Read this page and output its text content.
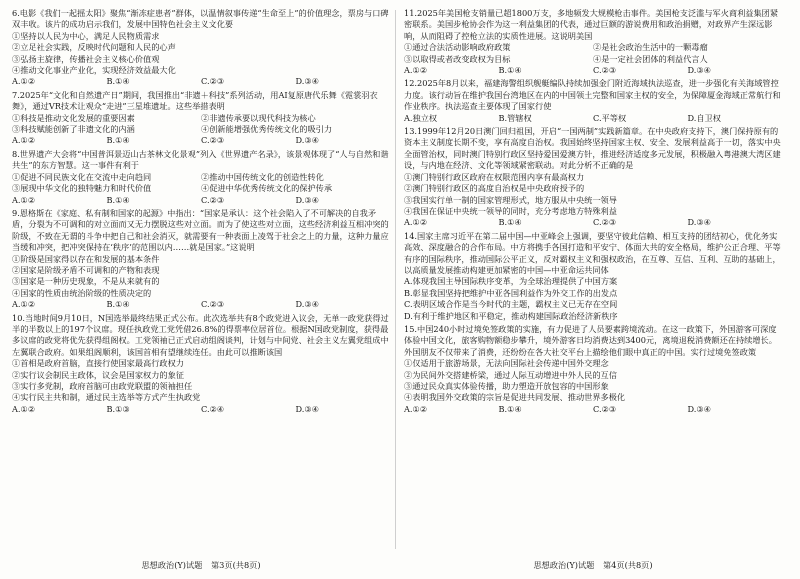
6.电影《我们一起摇太阳》聚焦“渐冻症患者”群体，以温情叙事传递“生命至上”的价值理念，票房与口碑双丰收。该片的成功启示我们，发展中国特色社会主义文化要
①坚持以人民为中心，满足人民物质需求
②立足社会实践，反映时代问题和人民的心声
③弘扬主旋律，传播社会主义核心价值观
④推动文化事业产业化，实现经济效益最大化
A.①②	B.①④	C.②③	D.③④
7.2025年“文化和自然遗产日”期间，我国推出“非遗＋科技”系列活动，用AI复原唐代乐舞《霓裳羽衣舞》，通过VR技术让观众“走进”三星堆遗址。这些举措表明
①科技是推动文化发展的重要因素	②非遗传承要以现代科技为核心
③科技赋能创新了非遗文化的内涵	④创新能增强优秀传统文化的吸引力
A.①②	B.①④	C.②③	D.③④
8.世界遗产大会将“中国普洱景迈山古茶林文化景观”列入《世界遗产名录》，该景观体现了“人与自然和谐共生”的东方智慧。这一事件有利于
①促进不同民族文化在交流中走向趋同	②推动中国传统文化的创造性转化
③展现中华文化的独特魅力和时代价值	④促进中华优秀传统文化的保护传承
A.①②	B.①④	C.②③	D.③④
9.恩格斯在《家庭、私有制和国家的起源》中指出：“国家是承认：这个社会陷入了不可解决的自我矛盾，分裂为不可调和的对立面而又无力摆脱这些对立面。而为了使这些对立面，这些经济利益互相冲突的阶级，不致在无谓的斗争中把自己和社会消灭，就需要有一种表面上凌驾于社会之上的力量，这种力量应当缓和冲突，把冲突保持在‘秩序’的范围以内……就是国家。”这说明
①阶级是国家得以存在和发展的基本条件
②国家是阶级矛盾不可调和的产物和表现
③国家是一种历史现象，不是从来就有的
④国家的性质由统治阶级的性质决定的
A.①②	B.①④	C.②③	D.③④
10.当地时间9月10日，N国选举最终结果正式公布。此次选举共有8个政党进入议会，无单一政党获得过半的半数以上的197个议席。现任执政党工党凭借26.8%的得票率位居首位。根据N国政党制度，获得最多议席的政党将优先获得组阁权。工党领袖已正式启动组阁谈判，计划与中间党、社会主义左翼党组成中左翼联合政府。如果组阁顺利，该国首相有望继续连任。由此可以推断该国
①首相是政府首脑，直接行使国家最高行政权力
②实行议会制民主政体，议会是国家权力的象征
③实行多党制，政府首脑可由政党联盟的领袖担任
④实行民主共和制，通过民主选举等方式产生执政党
A.①②	B.①③	C.②④	D.③④
11.2025年美国枪支销量已超1800万支，多地频发大规模枪击事件。美国枪支泛滥与军火商利益集团紧密联系。美国步枪协会作为这一利益集团的代表，通过巨额的游说费用和政治捐赠，对政界产生深远影响，从而阻碍了控枪立法的实质性进展。这说明美国
①通过合法活动影响政府政策	②是社会政治生活中的一颗毒瘤
③以取得或者改变政权为目标	④是一定社会团体的利益代言人
A.①②	B.①④	C.②③	D.③④
12.2025年8月以来，福建海警组织舰艇编队持续加强金门附近海域执法巡查，进一步强化有关海域管控力度。该行动旨在维护我国台湾地区在内的中国领土完整和国家主权的安全，为保障厦金海域正常航行和作业秩序。执法巡查主要体现了国家行使
A.独立权	B.管辖权	C.平等权	D.自卫权
13.1999年12月20日澳门回归祖国，开启“一国两制”实践新篇章。在中央政府支持下，澳门保持原有的资本主义制度长期不变，享有高度自治权。我国始终坚持国家主权、安全、发展利益高于一切，落实中央全面管治权，同时澳门特别行政区坚持爱国爱澳方针，推进经济适度多元发展，积极融入粤港澳大湾区建设，与内地在经济、文化等领域紧密联动。对此分析不正确的是
①澳门特别行政区政府在权限范围内享有最高权力
②澳门特别行政区的高度自治权是中央政府授予的
③我国实行单一制的国家管理形式，地方服从中央统一领导
④我国在保证中央统一领导的同时，充分考虑地方特殊利益
A.①②	B.①④	C.②③	D.③④
14.国家主席习近平在第二届中国—中亚峰会上强调，要坚守彼此信赖、相互支持的团结初心，优化务实高效、深度融合的合作布局。中方将携手各国打造和平安宁、体面大共的安全格局，维护公正合理、平等有序的国际秩序，推动国际公平正义，反对霸权主义和强权政治，在互尊、互信、互利、互助的基础上，以高质量发展推动构建更加紧密的中国—中亚命运共同体
A.体现我国主导国际秩序变革，为全球治理提供了中国方案
B.彰显我国坚持把维护中亚各国利益作为外交工作的出发点
C.表明区域合作是当今时代的主题，霸权主义已无存在空间
D.有利于维护地区和平稳定，推动构建国际政治经济新秩序
15.中国240小时过境免签政策的实施，有力促进了人员要素跨境流动。在这一政策下，外国游客可深度体验中国文化，旅客购物额稳步攀升，境外游客日均消费达到3400元，离境退税消费额还在持续增长。外国朋友不仅带来了消费，还纷纷在各大社交平台上描绘他们眼中真正的中国。实行过境免签政策
①仅适用于旅游场景，无法向国际社会传递中国外交理念
②为民间外交搭建桥梁，通过人际互动增进中外人民的互信
③通过民众真实体验传播，助力塑造开放包容的中国形象
④表明我国外交政策的宗旨是促进共同发展、推动世界多极化
A.①②	B.①④	C.②③	D.③④
思想政治(Y)试题 第3页(共8页)	思想政治(Y)试题 第4页(共8页)
